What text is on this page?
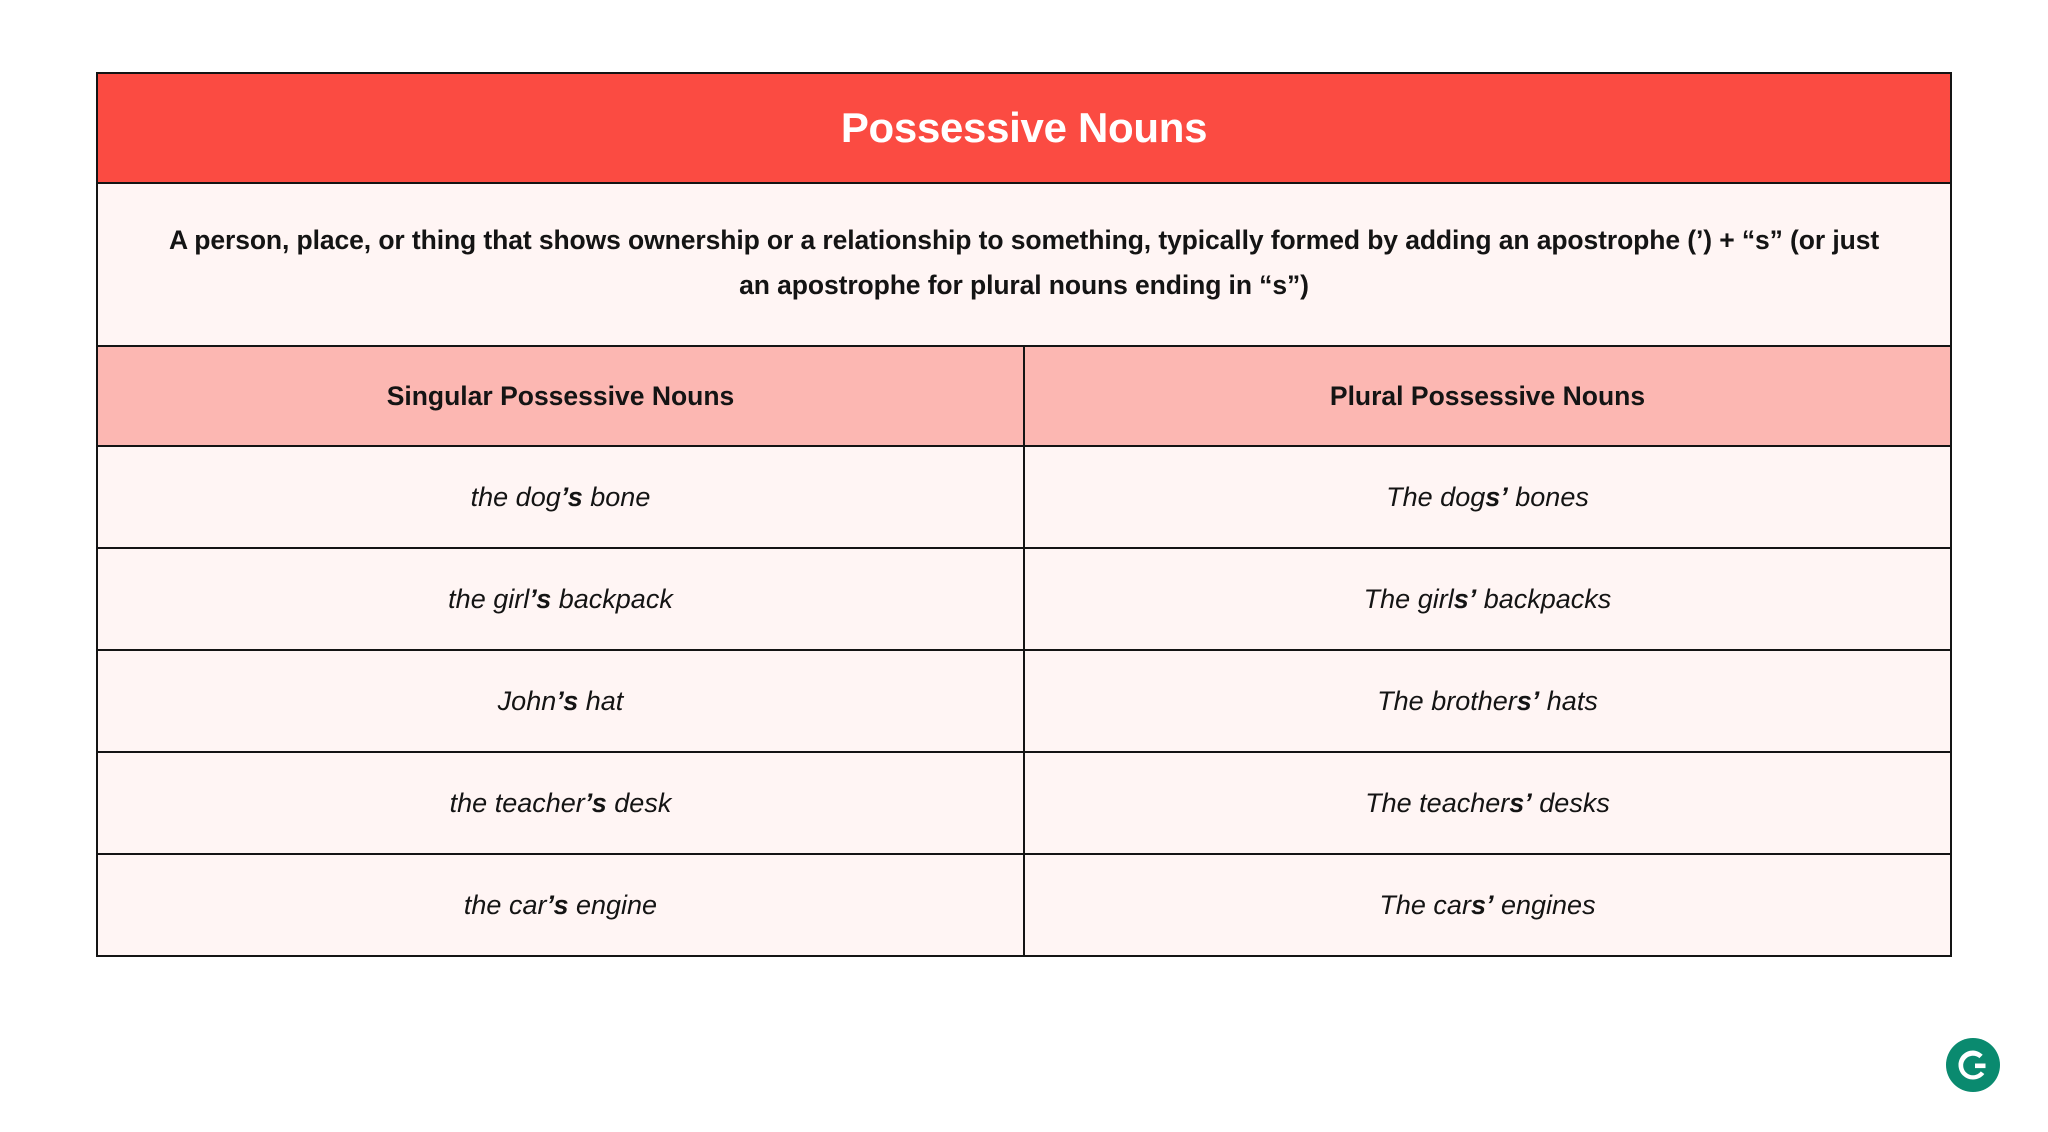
Possessive Nouns	
A person, place, or thing that shows ownership or a relationship to something, typically formed by adding an apostrophe (’) + “s” (or just an apostrophe for plural nouns ending in “s”)	
Singular Possessive Nouns	Plural Possessive Nouns
the dog’s bone	The dogs’ bones
the girl’s backpack	The girls’ backpacks
John’s hat	The brothers’ hats
the teacher’s desk	The teachers’ desks
the car’s engine	The cars’ engines
